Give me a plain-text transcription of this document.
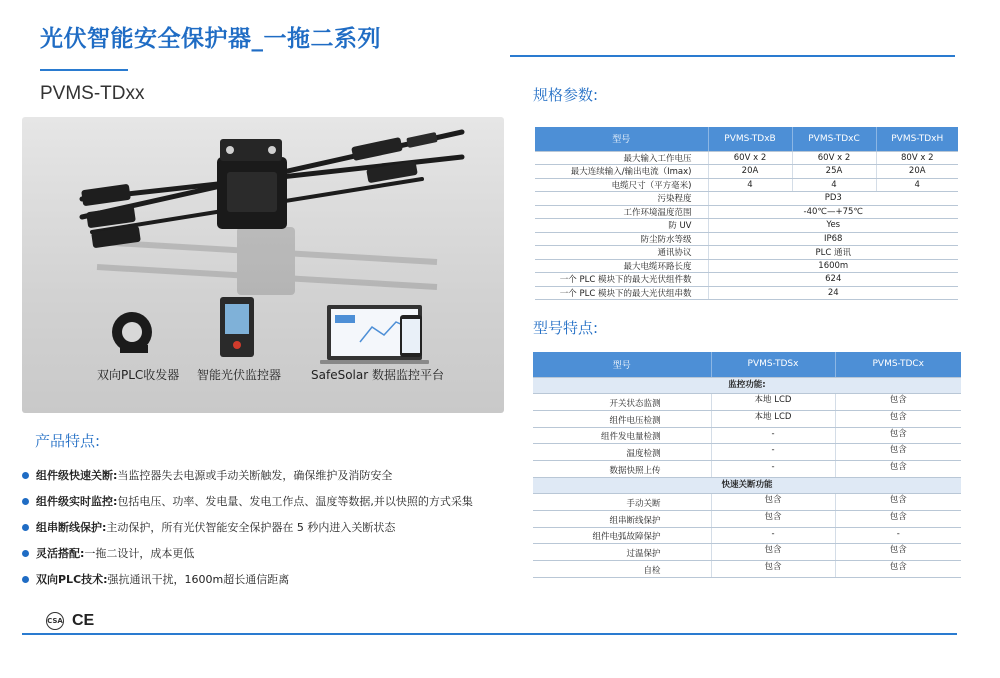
光伏智能安全保护器_一拖二系列
PVMS-TDxx
双向PLC收发器 智能光伏监控器 SafeSolar 数据监控平台
产品特点:
组件级快速关断: 当监控器失去电源或手动关断触发，确保维护及消防安全
组件级实时监控: 包括电压、功率、发电量、发电工作点、温度等数据,并以快照的方式采集
组串断线保护: 主动保护，所有光伏智能安全保护器在 5 秒内进入关断状态
灵活搭配: 一拖二设计，成本更低
双向PLC技术: 强抗通讯干扰，1600m超长通信距离
CSA CE
规格参数:
型号	PVMS-TDxB	PVMS-TDxC	PVMS-TDxH
最大输入工作电压	60V x 2	60V x 2	80V x 2
最大连续输入/输出电流（Imax)	20A	25A	20A
电缆尺寸（平方毫米)	4	4	4
污染程度	PD3		
工作环境温度范围	-40℃—+75℃		
防 UV	Yes		
防尘防水等级	IP68		
通讯协议	PLC 通讯		
最大电缆环路长度	1600m		
一个 PLC 模块下的最大光伏组件数	624		
一个 PLC 模块下的最大光伏组串数	24		
型号特点:
型号	PVMS-TDSx	PVMS-TDCx
监控功能:		
开关状态监测	本地 LCD	包含
组件电压检测	本地 LCD	包含
组件发电量检测	-	包含
温度检测	-	包含
数据快照上传	-	包含
快速关断功能		
手动关断	包含	包含
组串断线保护	包含	包含
组件电弧故障保护	-	-
过温保护	包含	包含
自检	包含	包含
